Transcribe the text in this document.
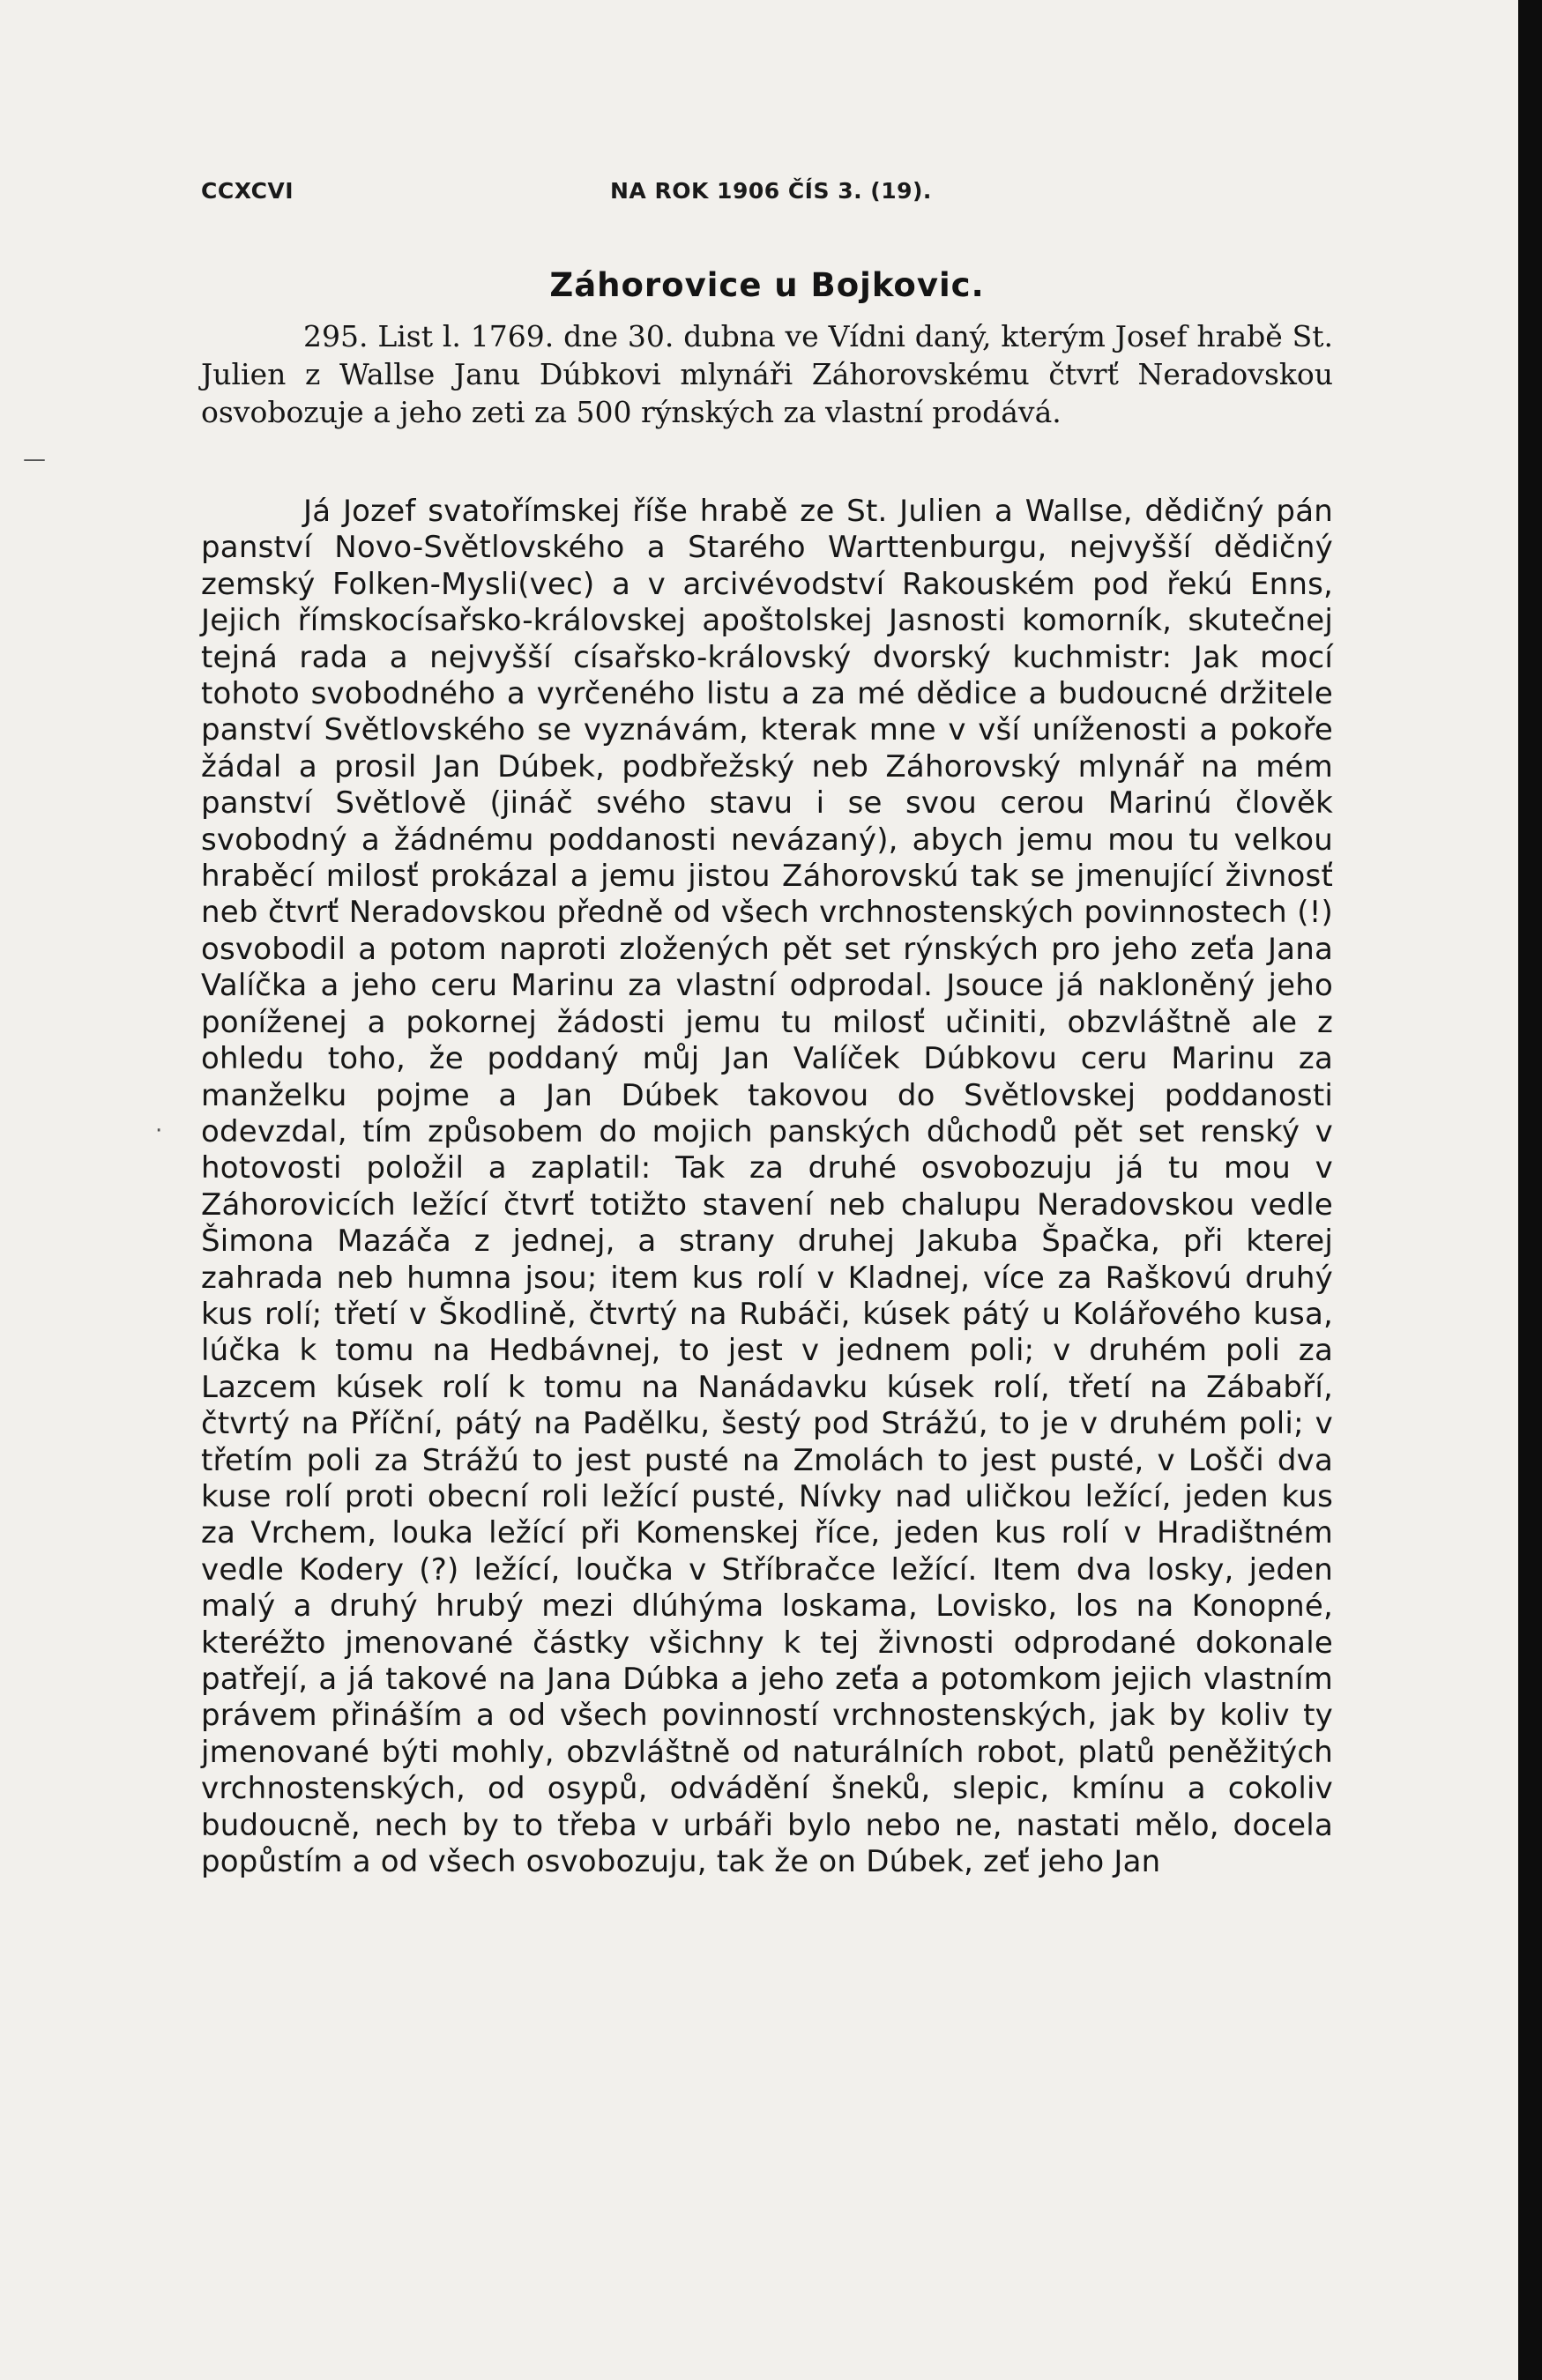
CCXCVI	NA ROK 1906 ČÍS 3. (19).
Záhorovice u Bojkovic.

295. List l. 1769. dne 30. dubna ve Vídni daný, kterým Josef hrabě St. Julien z Wallse Janu Dúbkovi mlynáři Záhorovskému čtvrť Neradovskou osvobozuje a jeho zeti za 500 rýnských za vlastní prodává.

Já Jozef svatořímskej říše hrabě ze St. Julien a Wallse, dědičný pán panství Novo-Světlovského a Starého Warttenburgu, nejvyšší dědičný zemský Folken-Mysli(vec) a v arcivévodství Rakouském pod řekú Enns, Jejich římskocísařsko-královskej apoštolskej Jasnosti komorník, skutečnej tejná rada a nejvyšší císařsko-královský dvorský kuchmistr: Jak mocí tohoto svobodného a vyrčeného listu a za mé dědice a budoucné držitele panství Světlovského se vyznávám, kterak mne v vší uníženosti a pokoře žádal a prosil Jan Dúbek, podbřežský neb Záhorovský mlynář na mém panství Světlově (jináč svého stavu i se svou cerou Marinú člověk svobodný a žádnému poddanosti nevázaný), abych jemu mou tu velkou hraběcí milosť prokázal a jemu jistou Záhorovskú tak se jmenující živnosť neb čtvrť Neradovskou předně od všech vrchnostenských povinnostech (!) osvobodil a potom naproti zložených pět set rýnských pro jeho zeťa Jana Valíčka a jeho ceru Marinu za vlastní odprodal. Jsouce já nakloněný jeho poníženej a pokornej žádosti jemu tu milosť učiniti, obzvláštně ale z ohledu toho, že poddaný můj Jan Valíček Dúbkovu ceru Marinu za manželku pojme a Jan Dúbek takovou do Světlovskej poddanosti odevzdal, tím způsobem do mojich panských důchodů pět set renský v hotovosti položil a zaplatil: Tak za druhé osvobozuju já tu mou v Záhorovicích ležící čtvrť totižto stavení neb chalupu Neradovskou vedle Šimona Mazáča z jednej, a strany druhej Jakuba Špačka, při kterej zahrada neb humna jsou; item kus rolí v Kladnej, více za Raškovú druhý kus rolí; třetí v Škodlině, čtvrtý na Rubáči, kúsek pátý u Kolářového kusa, lúčka k tomu na Hedbávnej, to jest v jednem poli; v druhém poli za Lazcem kúsek rolí k tomu na Nanádavku kúsek rolí, třetí na Zábabří, čtvrtý na Příční, pátý na Padělku, šestý pod Strážú, to je v druhém poli; v třetím poli za Strážú to jest pusté na Zmolách to jest pusté, v Lošči dva kuse rolí proti obecní roli ležící pusté, Nívky nad uličkou ležící, jeden kus za Vrchem, louka ležící při Komenskej říce, jeden kus rolí v Hradištném vedle Kodery (?) ležící, loučka v Stříbračce ležící. Item dva losky, jeden malý a druhý hrubý mezi dlúhýma loskama, Lovisko, los na Konopné, kteréžto jmenované částky všichny k tej živnosti odprodané dokonale patřejí, a já takové na Jana Dúbka a jeho zeťa a potomkom jejich vlastním právem přináším a od všech povinností vrchnostenských, jak by koliv ty jmenované býti mohly, obzvláštně od naturálních robot, platů peněžitých vrchnostenských, od osypů, odvádění šneků, slepic, kmínu a cokoliv budoucně, nech by to třeba v urbáři bylo nebo ne, nastati mělo, docela popůstím a od všech osvobozuju, tak že on Dúbek, zeť jeho Jan

—
·
